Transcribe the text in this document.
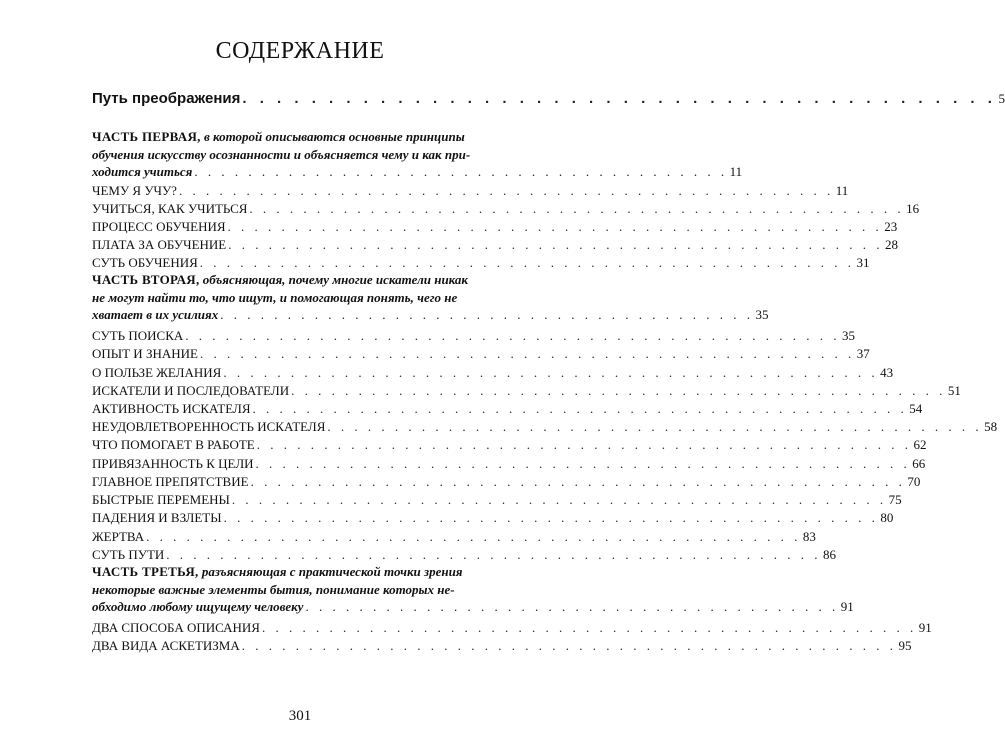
СОДЕРЖАНИЕ
Путь преображения . . . . . . . . . . . . . . . . . . . . . . . . . . . . . . . . . . . . . . . . . . . . 5
ЧАСТЬ ПЕРВАЯ, в которой описываются основные принципы
обучения искусству осознанности и объясняется чему и как при-
ходится учиться . . . . . . . . . . . . . . . . . . . . . . . . . . . . . . . . . . . . . . . . 11
ЧЕМУ Я УЧУ? . . . . . . . . . . . . . . . . . . . . . . . . . . . . . . . . . . . . . . . . . . . . . . . . . 11
УЧИТЬСЯ, КАК УЧИТЬСЯ . . . . . . . . . . . . . . . . . . . . . . . . . . . . . . . . . . . . . . . . . . . . . . . . . 16
ПРОЦЕСС ОБУЧЕНИЯ . . . . . . . . . . . . . . . . . . . . . . . . . . . . . . . . . . . . . . . . . . . . . . . . . 23
ПЛАТА ЗА ОБУЧЕНИЕ . . . . . . . . . . . . . . . . . . . . . . . . . . . . . . . . . . . . . . . . . . . . . . . . . 28
СУТЬ ОБУЧЕНИЯ . . . . . . . . . . . . . . . . . . . . . . . . . . . . . . . . . . . . . . . . . . . . . . . . . 31
ЧАСТЬ ВТОРАЯ, объясняющая, почему многие искатели никак
не могут найти то, что ищут, и помогающая понять, чего не
хватает в их усилиях . . . . . . . . . . . . . . . . . . . . . . . . . . . . . . . . . . . . . . . . 35
СУТЬ ПОИСКА . . . . . . . . . . . . . . . . . . . . . . . . . . . . . . . . . . . . . . . . . . . . . . . . . 35
ОПЫТ И ЗНАНИЕ . . . . . . . . . . . . . . . . . . . . . . . . . . . . . . . . . . . . . . . . . . . . . . . . . 37
О ПОЛЬЗЕ ЖЕЛАНИЯ . . . . . . . . . . . . . . . . . . . . . . . . . . . . . . . . . . . . . . . . . . . . . . . . . 43
ИСКАТЕЛИ И ПОСЛЕДОВАТЕЛИ . . . . . . . . . . . . . . . . . . . . . . . . . . . . . . . . . . . . . . . . . . . . . . . . . 51
АКТИВНОСТЬ ИСКАТЕЛЯ . . . . . . . . . . . . . . . . . . . . . . . . . . . . . . . . . . . . . . . . . . . . . . . . . 54
НЕУДОВЛЕТВОРЕННОСТЬ ИСКАТЕЛЯ . . . . . . . . . . . . . . . . . . . . . . . . . . . . . . . . . . . . . . . . . . . . . . . . . 58
ЧТО ПОМОГАЕТ В РАБОТЕ . . . . . . . . . . . . . . . . . . . . . . . . . . . . . . . . . . . . . . . . . . . . . . . . . 62
ПРИВЯЗАННОСТЬ К ЦЕЛИ . . . . . . . . . . . . . . . . . . . . . . . . . . . . . . . . . . . . . . . . . . . . . . . . . 66
ГЛАВНОЕ ПРЕПЯТСТВИЕ . . . . . . . . . . . . . . . . . . . . . . . . . . . . . . . . . . . . . . . . . . . . . . . . . 70
БЫСТРЫЕ ПЕРЕМЕНЫ . . . . . . . . . . . . . . . . . . . . . . . . . . . . . . . . . . . . . . . . . . . . . . . . . 75
ПАДЕНИЯ И ВЗЛЕТЫ . . . . . . . . . . . . . . . . . . . . . . . . . . . . . . . . . . . . . . . . . . . . . . . . . 80
ЖЕРТВА . . . . . . . . . . . . . . . . . . . . . . . . . . . . . . . . . . . . . . . . . . . . . . . . . 83
СУТЬ ПУТИ . . . . . . . . . . . . . . . . . . . . . . . . . . . . . . . . . . . . . . . . . . . . . . . . . 86
ЧАСТЬ ТРЕТЬЯ, разъясняющая с практической точки зрения
некоторые важные элементы бытия, понимание которых не-
обходимо любому ищущему человеку . . . . . . . . . . . . . . . . . . . . . . . . . . . . . . . . . . . . . . . . 91
ДВА СПОСОБА ОПИСАНИЯ . . . . . . . . . . . . . . . . . . . . . . . . . . . . . . . . . . . . . . . . . . . . . . . . . 91
ДВА ВИДА АСКЕТИЗМА . . . . . . . . . . . . . . . . . . . . . . . . . . . . . . . . . . . . . . . . . . . . . . . . . 95
301
